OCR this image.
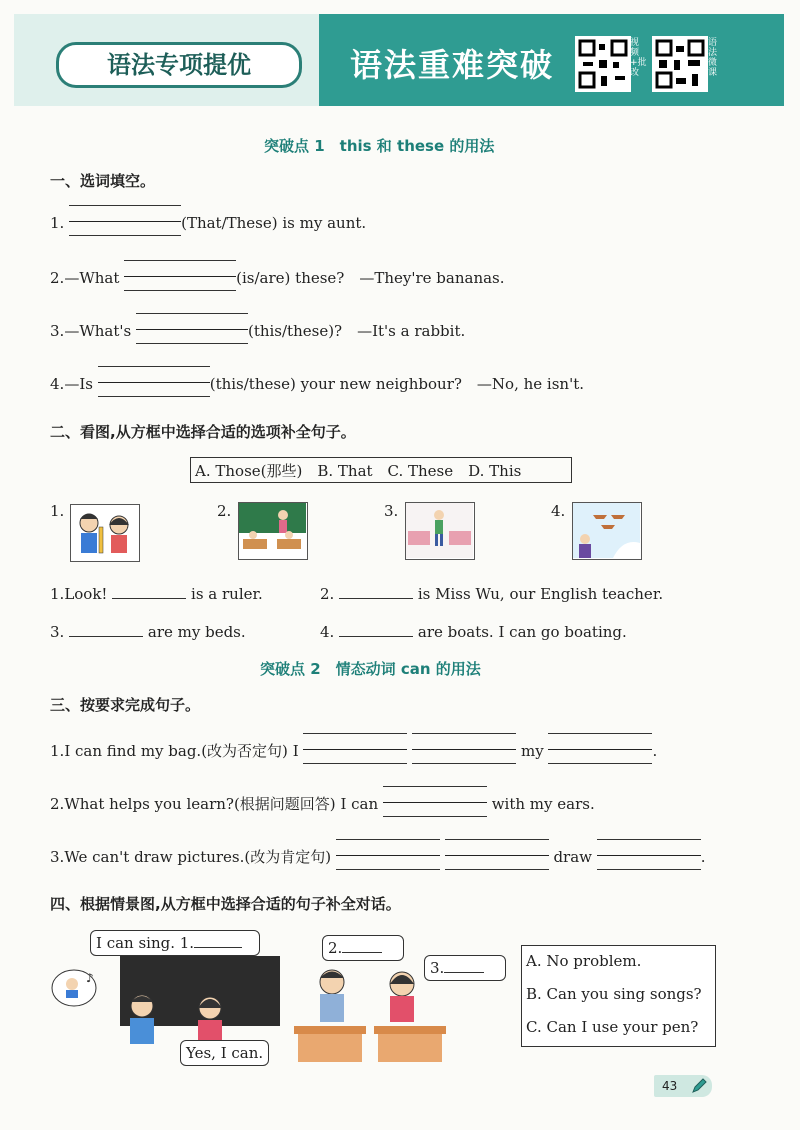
语法专项提优	语法重难突破
视频+批改
语法微课
突破点 1　this 和 these 的用法
一、选词填空。
1.	(That/These) is my aunt.
2.—What	(is/are) these?　—They're bananas.
3.—What's	(this/these)?　—It's a rabbit.
4.—Is	(this/these) your new neighbour?　—No, he isn't.
二、看图,从方框中选择合适的选项补全句子。
A. Those(那些)　B. That　C. These　D. This
1.	2.	3.	4.
1.Look!	is a ruler.	2.	is Miss Wu, our English teacher.
3.	are my beds.	4.	are boats. I can go boating.
突破点 2　情态动词 can 的用法
三、按要求完成句子。
1.I can find my bag.(改为否定句) I
	my	.
2.What helps you learn?(根据问题回答) I can	with my ears.
3.We can't draw pictures.(改为肯定句)
	draw	.
四、根据情景图,从方框中选择合适的句子补全对话。
♪
I can sing. 1.
Yes, I can.
2.
3.	A. No problem.
B. Can you sing songs?
C. Can I use your pen?
43
